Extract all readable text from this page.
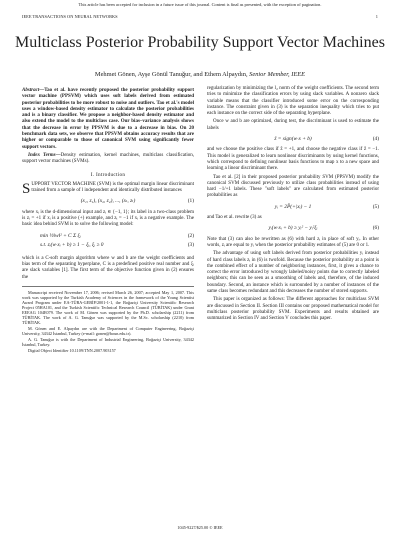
This article has been accepted for inclusion in a future issue of this journal. Content is final as presented, with the exception of pagination.
IEEE TRANSACTIONS ON NEURAL NETWORKS	1
Multiclass Posterior Probability Support Vector Machines
Mehmet Gönen, Ayşe Gönül Tanuğur, and Ethem Alpaydın, Senior Member, IEEE

Abstract—Tao et al. have recently proposed the posterior probability support vector machine (PPSVM) which uses soft labels derived from estimated posterior probabilities to be more robust to noise and outliers. Tao et al.'s model uses a window-based density estimator to calculate the posterior probabilities and is a binary classifier. We propose a neighbor-based density estimator and also extend the model to the multiclass case. Our bias–variance analysis shows that the decrease in error by PPSVM is due to a decrease in bias. On 20 benchmark data sets, we observe that PPSVM obtains accuracy results that are higher or comparable to those of canonical SVM using significantly fewer support vectors.

Index Terms—Density estimation, kernel machines, multiclass classification, support vector machines (SVMs).

I. Introduction

SUPPORT VECTOR MACHINE (SVM) is the optimal margin linear discriminant trained from a sample of l independent and identically distributed instances

(x₁, z₁), (x₂, z₂), ..., (xₗ, zₗ)	(1)

where xᵢ is the d-dimensional input and zᵢ ∈ {−1, 1}; its label in a two-class problem is zᵢ = +1 if xᵢ is a positive (+) example, and zᵢ = −1 if xᵢ is a negative example. The basic idea behind SVM is to solve the following model:

min ½‖w‖² + C Σ ξᵢ	(2)
s.t. zᵢ(w·xᵢ + b) ≥ 1 − ξᵢ, ξᵢ ≥ 0	(3)

which is a C-soft margin algorithm where w and b are the weight coefficients and bias term of the separating hyperplane, C is a predefined positive real number and ξᵢ are slack variables [1]. The first term of the objective function given in (2) ensures the

Manuscript received November 17, 2006; revised March 26, 2007; accepted May 1, 2007. This work was supported by the Turkish Academy of Sciences in the framework of the Young Scientist Award Program under EA-TÜBA-GEBİP/2001-1-1, the Boğaziçi University Scientific Research Project 05HA101, and the Turkish Scientific Technical Research Council (TÜBİTAK) under Grant EEEAG 104E079. The work of M. Gönen was supported by the Ph.D. scholarship (2211) from TÜBİTAK. The work of A. G. Tanuğur was supported by the M.Sc. scholarship (2210) from TÜBİTAK.

M. Gönen and E. Alpaydın are with the Department of Computer Engineering, Boğaziçi University, 34342 İstanbul, Turkey (e-mail: gonen@boun.edu.tr).

A. G. Tanuğur is with the Department of Industrial Engineering, Boğaziçi University, 34342 İstanbul, Turkey.

Digital Object Identifier 10.1109/TNN.2007.903157

regularization by minimizing the l₂ norm of the weight coefficients. The second term tries to minimize the classification errors by using slack variables. A nonzero slack variable means that the classifier introduced some error on the corresponding instance. The constraint given in (3) is the separation inequality which tries to put each instance on the correct side of the separating hyperplane.

Once w and b are optimized, during test, the discriminant is used to estimate the labels

ẑ = sign(w·x + b)	(4)

and we choose the positive class if ẑ = +1, and choose the negative class if ẑ = −1. This model is generalized to learn nonlinear discriminants by using kernel functions, which correspond to defining nonlinear basis functions to map x to a new space and learning a linear discriminant there.

Tao et al. [2] in their proposed posterior probability SVM (PPSVM) modify the canonical SVM discussed previously to utilize class probabilities instead of using hard −1/+1 labels. These "soft labels" are calculated from estimated posterior probabilities as

yᵢ = 2P̂(+|xᵢ) − 1	(5)

and Tao et al. rewrite (3) as

yᵢ(w·xᵢ + b) ≥ yᵢ² − yᵢ²ξᵢ	(6)

Note that (3) can also be rewritten as (6) with hard zᵢ in place of soft yᵢ. In other words, zᵢ are equal to yᵢ when the posterior probability estimates of (5) are 0 or 1.

The advantage of using soft labels derived from posterior probabilities yᵢ instead of hard class labels zᵢ in (6) is twofold. Because the posterior probability at a point is the combined effect of a number of neighboring instances, first, it gives a chance to correct the error introduced by wrongly labeled/noisy points due to correctly labeled neighbors; this can be seen as a smoothing of labels and, therefore, of the induced boundary. Second, an instance which is surrounded by a number of instances of the same class becomes redundant and this decreases the number of stored supports.

This paper is organized as follows: The different approaches for multiclass SVM are discussed in Section II. Section III contains our proposed mathematical model for multiclass posterior probability SVM. Experiments and results obtained are summarized in Section IV and Section V concludes this paper.

1045-9227/$25.00 © IEEE
